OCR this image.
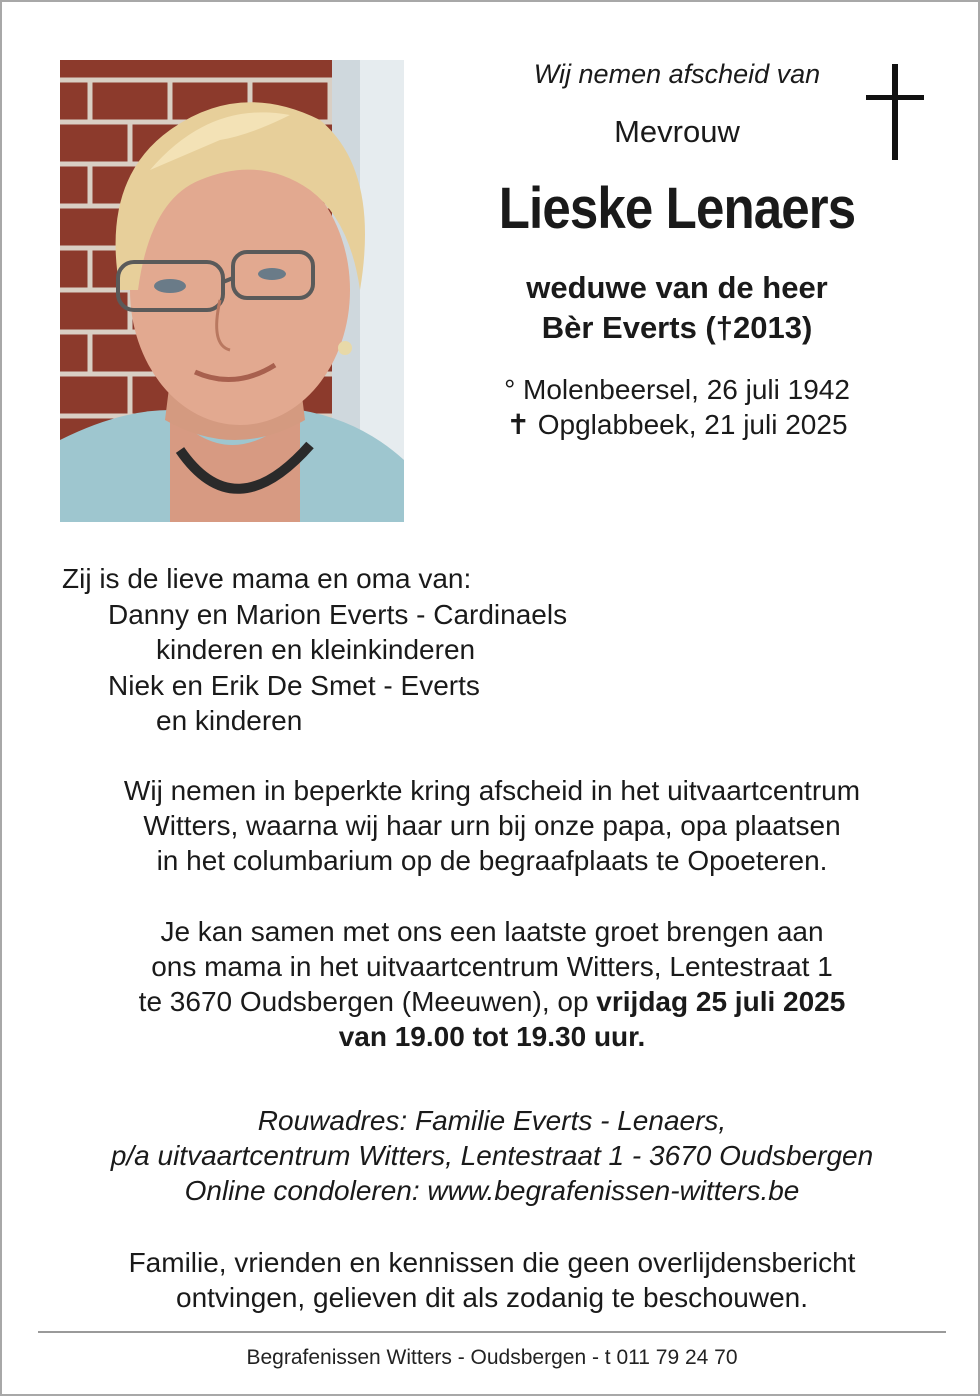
Wij nemen afscheid van

Mevrouw

Lieske Lenaers

weduwe van de heer
Bèr Everts (†2013)

° Molenbeersel, 26 juli 1942
✝ Opglabbeek, 21 juli 2025

Zij is de lieve mama en oma van:
Danny en Marion Everts - Cardinaels
kinderen en kleinkinderen
Niek en Erik De Smet - Everts
en kinderen

Wij nemen in beperkte kring afscheid in het uitvaartcentrum

Witters, waarna wij haar urn bij onze papa, opa plaatsen

in het columbarium op de begraafplaats te Opoeteren.

Je kan samen met ons een laatste groet brengen aan

ons mama in het uitvaartcentrum Witters, Lentestraat 1

te 3670 Oudsbergen (Meeuwen), op vrijdag 25 juli 2025

van 19.00 tot 19.30 uur.

Rouwadres: Familie Everts - Lenaers,

p/a uitvaartcentrum Witters, Lentestraat 1 - 3670 Oudsbergen

Online condoleren: www.begrafenissen-witters.be

Familie, vrienden en kennissen die geen overlijdensbericht

ontvingen, gelieven dit als zodanig te beschouwen.

Begrafenissen Witters - Oudsbergen - t 011 79 24 70
